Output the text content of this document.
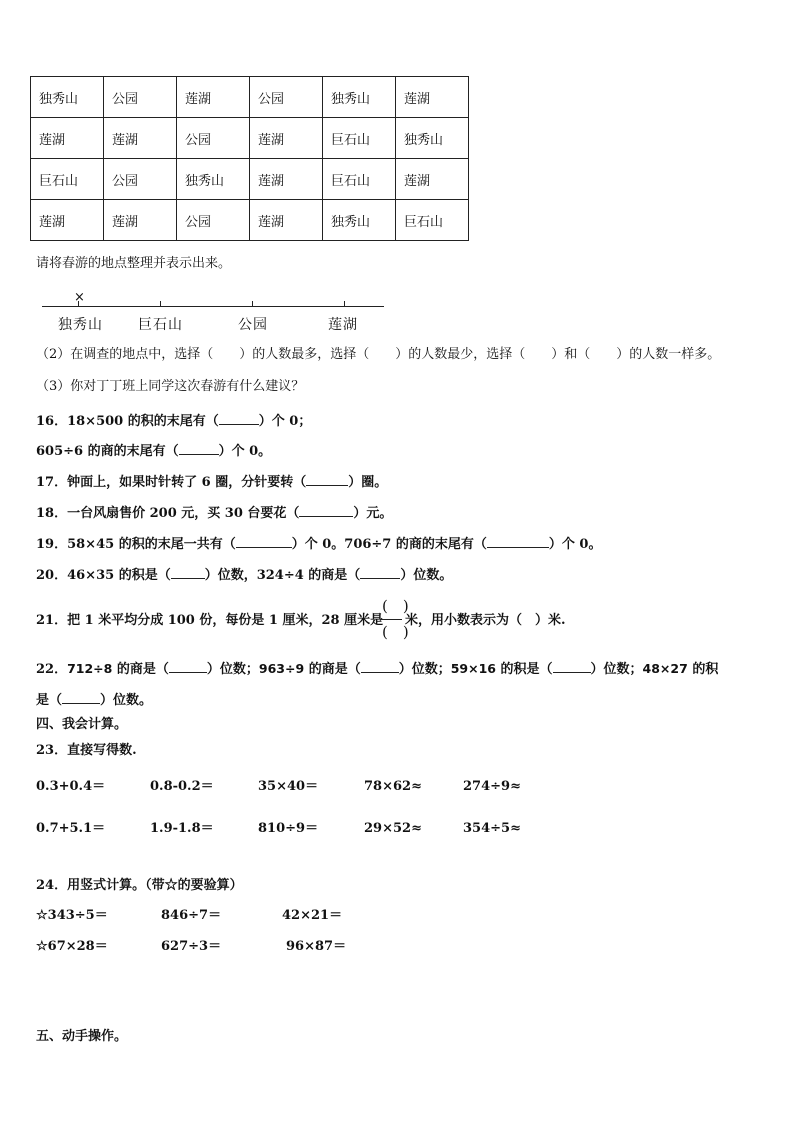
独秀山	公园	莲湖	公园	独秀山	莲湖
莲湖	莲湖	公园	莲湖	巨石山	独秀山
巨石山	公园	独秀山	莲湖	巨石山	莲湖
莲湖	莲湖	公园	莲湖	独秀山	巨石山
请将春游的地点整理并表示出来。
×
独秀山	巨石山	公园	莲湖
（2）在调查的地点中，选择（　　）的人数最多，选择（　　）的人数最少，选择（　　）和（　　）的人数一样多。
（3）你对丁丁班上同学这次春游有什么建议？
16．18×500 的积的末尾有（	）个 0；
605÷6 的商的末尾有（	）个 0。
17．钟面上，如果时针转了 6 圈，分针要转（	）圈。
18．一台风扇售价 200 元，买 30 台要花（	）元。
19．58×45 的积的末尾一共有（	）个 0。706÷7 的商的末尾有（	）个 0。
20．46×35 的积是（	）位数，324÷4 的商是（	）位数。
21．把 1 米平均分成 100 份，每份是 1 厘米，28 厘米是
(　)
(　)
米，用小数表示为（　）米.
22．712÷8 的商是（	）位数；963÷9 的商是（	）位数；59×16 的积是（	）位数；48×27 的积
是（	）位数。
四、我会计算。
23．直接写得数.
0.3+0.4＝	0.8-0.2＝	35×40＝	78×62≈	274÷9≈
0.7+5.1＝	1.9-1.8＝	810÷9＝	29×52≈	354÷5≈
24．用竖式计算。（带☆的要验算）
☆343÷5＝	846÷7＝	42×21＝
☆67×28＝	627÷3＝	96×87＝
五、动手操作。
